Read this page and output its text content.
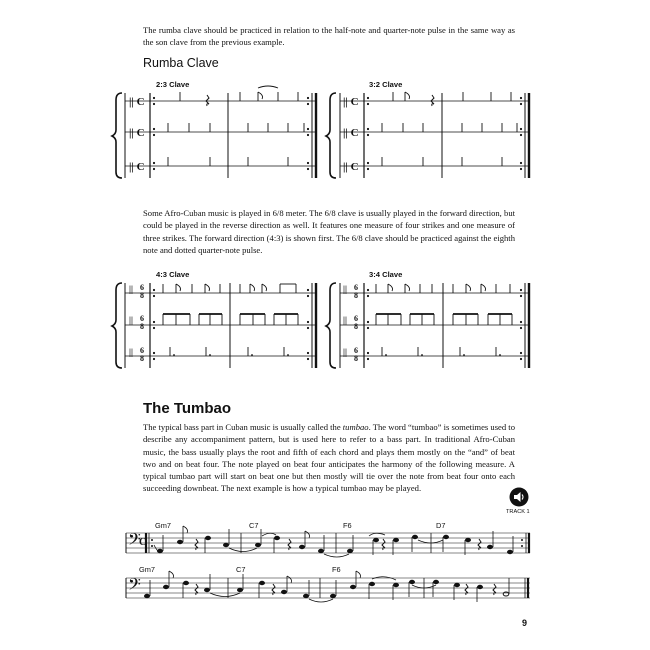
The rumba clave should be practiced in relation to the half-note and quarter-note pulse in the same way as the son clave from the previous example.

Rumba Clave
2:3 Clave	3:2 Clave

Some Afro-Cuban music is played in 6/8 meter. The 6/8 clave is usually played in the forward direction, but could be played in the reverse direction as well. It features one measure of four strikes and one measure of three strikes. The forward direction (4:3) is shown first. The 6/8 clave should be practiced against the eighth note and dotted quarter-note pulse.

4:3 Clave	3:4 Clave
The Tumbao

The typical bass part in Cuban music is usually called the tumbao. The word “tumbao” is sometimes used to describe any accompaniment pattern, but is used here to refer to a bass part. In traditional Afro-Cuban music, the bass usually plays the root and fifth of each chord and plays them mostly on the “and” of beat two and on beat four. The note played on beat four anticipates the harmony of the following measure. A typical tumbao part will start on beat one but then mostly will tie over the note from beat four onto each succeeding downbeat. The next example is how a typical tumbao may be played.

TRACK 1
Gm7	C7	F6	D7
Gm7	C7	F6
9
|| C
|| C
|| C
|| C
|| C
|| C
|| 6
8
|| 6
8
|| 6
8
|| 6
8
|| 6
8
|| 6
8
𝄢
C
𝄢
